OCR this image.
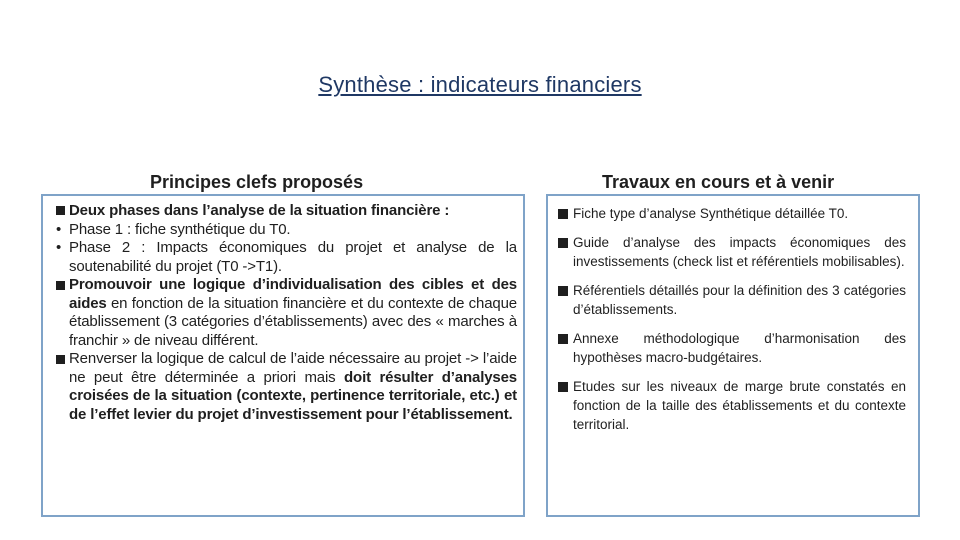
Synthèse : indicateurs financiers
Principes clefs proposés	Travaux en cours et à venir
Deux phases dans l’analyse de la situation financière :
• Phase 1 : fiche synthétique du T0.
• Phase 2 : Impacts économiques du projet et analyse de la soutenabilité du projet (T0 ->T1).
Promouvoir une logique d’individualisation des cibles et des aides en fonction de la situation financière et du contexte de chaque établissement (3 catégories d’établissements) avec des « marches à franchir » de niveau différent.
Renverser la logique de calcul de l’aide nécessaire au projet -> l’aide ne peut être déterminée a priori mais doit résulter d’analyses croisées de la situation (contexte, pertinence territoriale, etc.) et de l’effet levier du projet d’investissement pour l’établissement.
Fiche type d’analyse Synthétique détaillée T0.
Guide d’analyse des impacts économiques des investissements (check list et référentiels mobilisables).
Référentiels détaillés pour la définition des 3 catégories d’établissements.
Annexe méthodologique d’harmonisation des hypothèses macro-budgétaires.
Etudes sur les niveaux de marge brute constatés en fonction de la taille des établissements et du contexte territorial.
